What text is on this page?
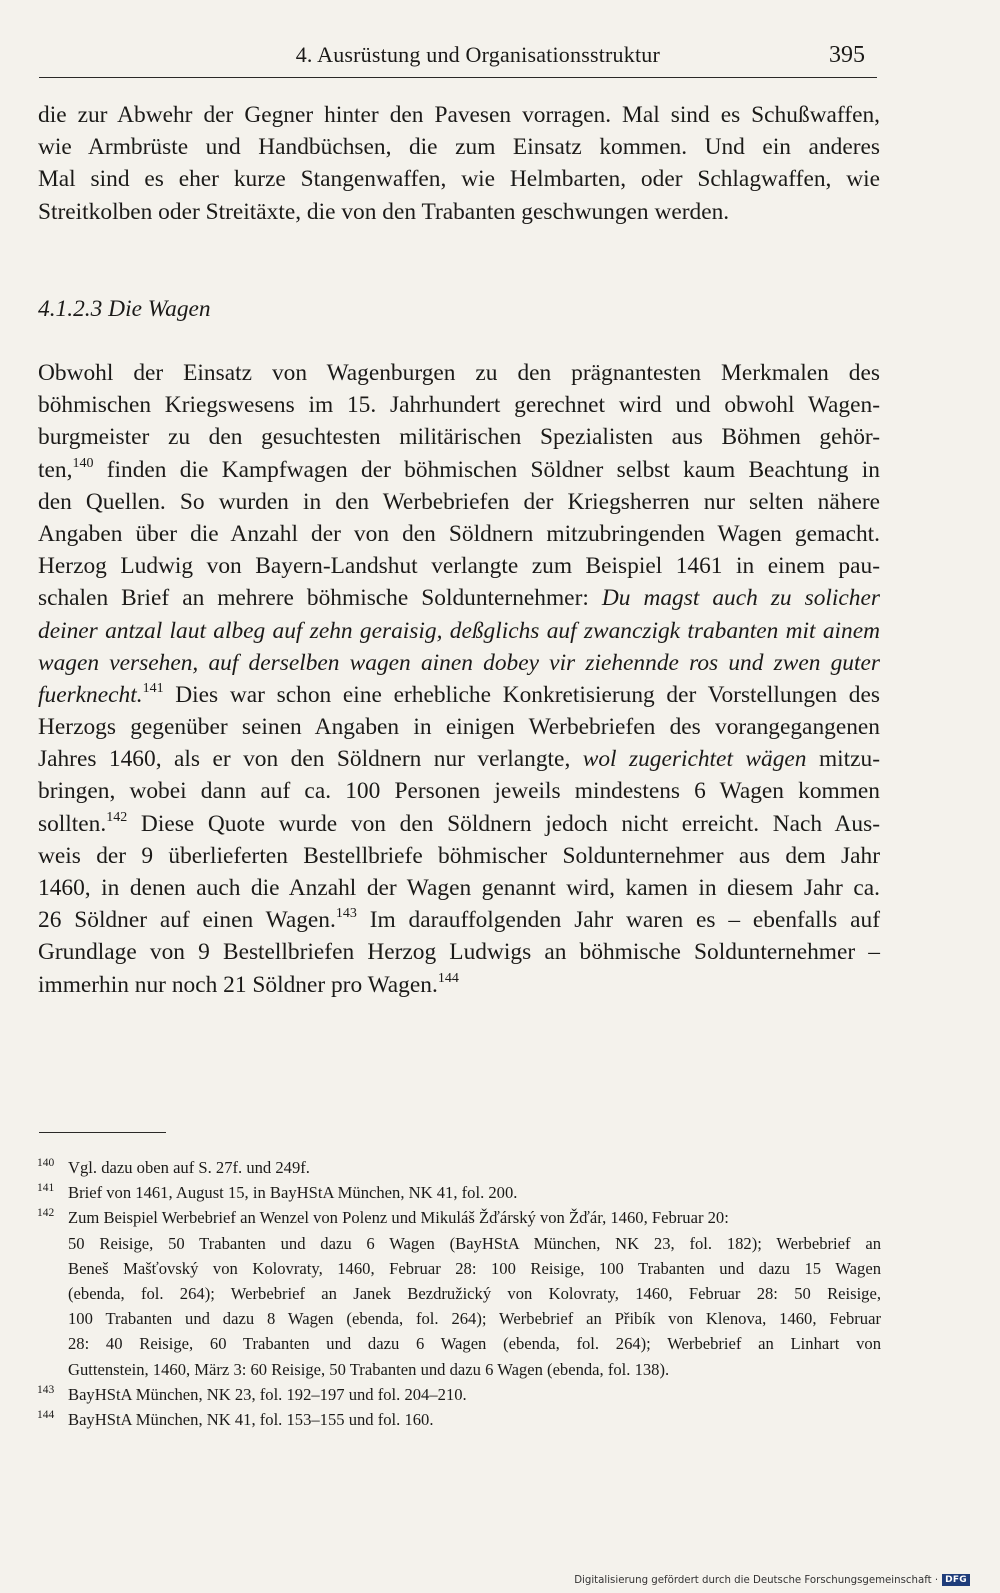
4. Ausrüstung und Organisationsstruktur	395
die zur Abwehr der Gegner hinter den Pavesen vorragen. Mal sind es Schußwaffen,
wie Armbrüste und Handbüchsen, die zum Einsatz kommen. Und ein anderes
Mal sind es eher kurze Stangenwaffen, wie Helmbarten, oder Schlagwaffen, wie
Streitkolben oder Streitäxte, die von den Trabanten geschwungen werden.
4.1.2.3 Die Wagen
Obwohl der Einsatz von Wagenburgen zu den prägnantesten Merkmalen des
böhmischen Kriegswesens im 15. Jahrhundert gerechnet wird und obwohl Wagen-
burgmeister zu den gesuchtesten militärischen Spezialisten aus Böhmen gehör-
ten,$^{140}$ finden die Kampfwagen der böhmischen Söldner selbst kaum Beachtung in
den Quellen. So wurden in den Werbebriefen der Kriegsherren nur selten nähere
Angaben über die Anzahl der von den Söldnern mitzubringenden Wagen gemacht.
Herzog Ludwig von Bayern-Landshut verlangte zum Beispiel 1461 in einem pau-
schalen Brief an mehrere böhmische Soldunternehmer: Du magst auch zu solicher
deiner antzal laut albeg auf zehn geraisig, deßglichs auf zwanczigk trabanten mit ainem
wagen versehen, auf derselben wagen ainen dobey vir ziehennde ros und zwen guter
fuerknecht.$^{141}$ Dies war schon eine erhebliche Konkretisierung der Vorstellungen des
Herzogs gegenüber seinen Angaben in einigen Werbebriefen des vorangegangenen
Jahres 1460, als er von den Söldnern nur verlangte, wol zugerichtet wägen mitzu-
bringen, wobei dann auf ca. 100 Personen jeweils mindestens 6 Wagen kommen
sollten.$^{142}$ Diese Quote wurde von den Söldnern jedoch nicht erreicht. Nach Aus-
weis der 9 überlieferten Bestellbriefe böhmischer Soldunternehmer aus dem Jahr
1460, in denen auch die Anzahl der Wagen genannt wird, kamen in diesem Jahr ca.
26 Söldner auf einen Wagen.$^{143}$ Im darauffolgenden Jahr waren es – ebenfalls auf
Grundlage von 9 Bestellbriefen Herzog Ludwigs an böhmische Soldunternehmer –
immerhin nur noch 21 Söldner pro Wagen.$^{144}$
140 Vgl. dazu oben auf S. 27f. und 249f.
141 Brief von 1461, August 15, in BayHStA München, NK 41, fol. 200.
142 Zum Beispiel Werbebrief an Wenzel von Polenz und Mikuláš Žďárský von Žďár, 1460, Februar 20:
50 Reisige, 50 Trabanten und dazu 6 Wagen (BayHStA München, NK 23, fol. 182); Werbebrief an
Beneš Mašťovský von Kolovraty, 1460, Februar 28: 100 Reisige, 100 Trabanten und dazu 15 Wagen
(ebenda, fol. 264); Werbebrief an Janek Bezdružický von Kolovraty, 1460, Februar 28: 50 Reisige,
100 Trabanten und dazu 8 Wagen (ebenda, fol. 264); Werbebrief an Přibík von Klenova, 1460, Februar
28: 40 Reisige, 60 Trabanten und dazu 6 Wagen (ebenda, fol. 264); Werbebrief an Linhart von
Guttenstein, 1460, März 3: 60 Reisige, 50 Trabanten und dazu 6 Wagen (ebenda, fol. 138).
143 BayHStA München, NK 23, fol. 192–197 und fol. 204–210.
144 BayHStA München, NK 41, fol. 153–155 und fol. 160.
Digitalisierung gefördert durch die Deutsche Forschungsgemeinschaft · DFG
